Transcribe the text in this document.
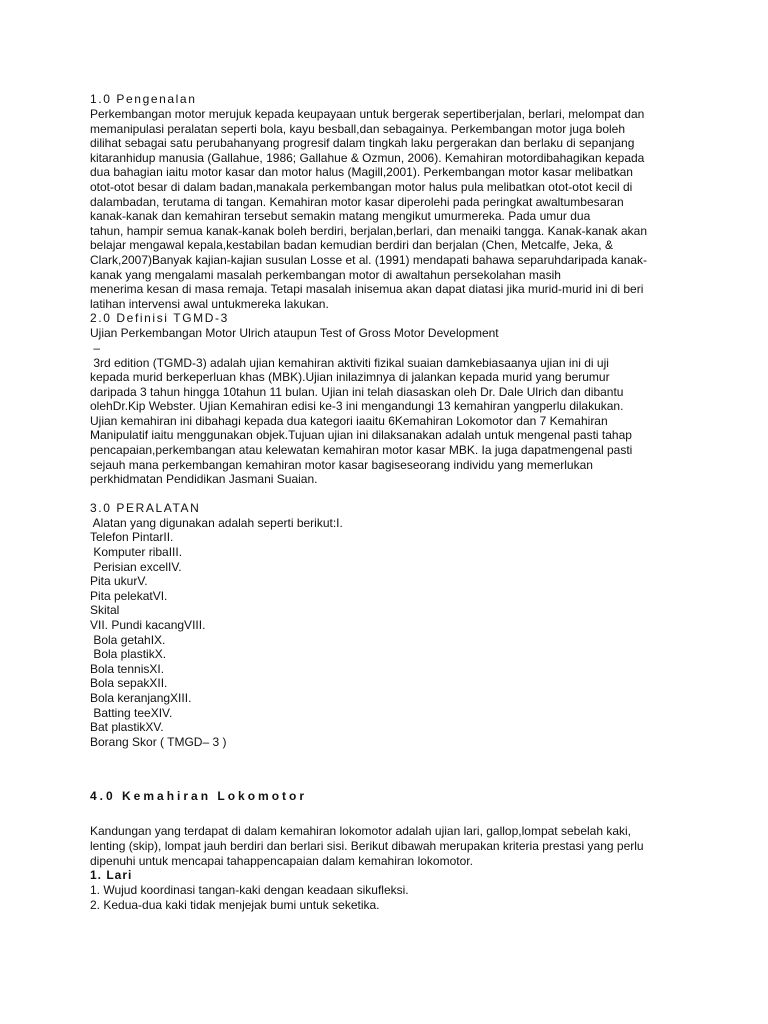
1.0 Pengenalan
Perkembangan motor merujuk kepada keupayaan untuk bergerak sepertiberjalan, berlari, melompat dan
memanipulasi peralatan seperti bola, kayu besball,dan sebagainya. Perkembangan motor juga boleh
dilihat sebagai satu perubahanyang progresif dalam tingkah laku pergerakan dan berlaku di sepanjang
kitaranhidup manusia (Gallahue, 1986; Gallahue & Ozmun, 2006). Kemahiran motordibahagikan kepada
dua bahagian iaitu motor kasar dan motor halus (Magill,2001). Perkembangan motor kasar melibatkan
otot-otot besar di dalam badan,manakala perkembangan motor halus pula melibatkan otot-otot kecil di
dalambadan, terutama di tangan. Kemahiran motor kasar diperolehi pada peringkat awaltumbesaran
kanak-kanak dan kemahiran tersebut semakin matang mengikut umurmereka. Pada umur dua
tahun, hampir semua kanak-kanak boleh berdiri, berjalan,berlari, dan menaiki tangga. Kanak-kanak akan
belajar mengawal kepala,kestabilan badan kemudian berdiri dan berjalan (Chen, Metcalfe, Jeka, &
Clark,2007)Banyak kajian-kajian susulan Losse et al. (1991) mendapati bahawa separuhdaripada kanak-
kanak yang mengalami masalah perkembangan motor di awaltahun persekolahan masih
menerima kesan di masa remaja. Tetapi masalah inisemua akan dapat diatasi jika murid-murid ini di beri
latihan intervensi awal untukmereka lakukan.
2.0 Definisi TGMD-3
Ujian Perkembangan Motor Ulrich ataupun Test of Gross Motor Development
–
3rd edition (TGMD-3) adalah ujian kemahiran aktiviti fizikal suaian damkebiasaanya ujian ini di uji
kepada murid berkeperluan khas (MBK).Ujian inilazimnya di jalankan kepada murid yang berumur
daripada 3 tahun hingga 10tahun 11 bulan. Ujian ini telah diasaskan oleh Dr. Dale Ulrich dan dibantu
olehDr.Kip Webster. Ujian Kemahiran edisi ke-3 ini mengandungi 13 kemahiran yangperlu dilakukan.
Ujian kemahiran ini dibahagi kepada dua kategori iaaitu 6Kemahiran Lokomotor dan 7 Kemahiran
Manipulatif iaitu menggunakan objek.Tujuan ujian ini dilaksanakan adalah untuk mengenal pasti tahap
pencapaian,perkembangan atau kelewatan kemahiran motor kasar MBK. Ia juga dapatmengenal pasti
sejauh mana perkembangan kemahiran motor kasar bagiseseorang individu yang memerlukan
perkhidmatan Pendidikan Jasmani Suaian.
3.0 PERALATAN
Alatan yang digunakan adalah seperti berikut:I.
Telefon PintarII.
Komputer ribaIII.
Perisian excelIV.
Pita ukurV.
Pita pelekatVI.
Skital
VII. Pundi kacangVIII.
Bola getahIX.
Bola plastikX.
Bola tennisXI.
Bola sepakXII.
Bola keranjangXIII.
Batting teeXIV.
Bat plastikXV.
Borang Skor ( TMGD– 3 )
4.0 Kemahiran Lokomotor
Kandungan yang terdapat di dalam kemahiran lokomotor adalah ujian lari, gallop,lompat sebelah kaki,
lenting (skip), lompat jauh berdiri dan berlari sisi. Berikut dibawah merupakan kriteria prestasi yang perlu
dipenuhi untuk mencapai tahappencapaian dalam kemahiran lokomotor.
1. Lari
1. Wujud koordinasi tangan-kaki dengan keadaan sikufleksi.
2. Kedua-dua kaki tidak menjejak bumi untuk seketika.
